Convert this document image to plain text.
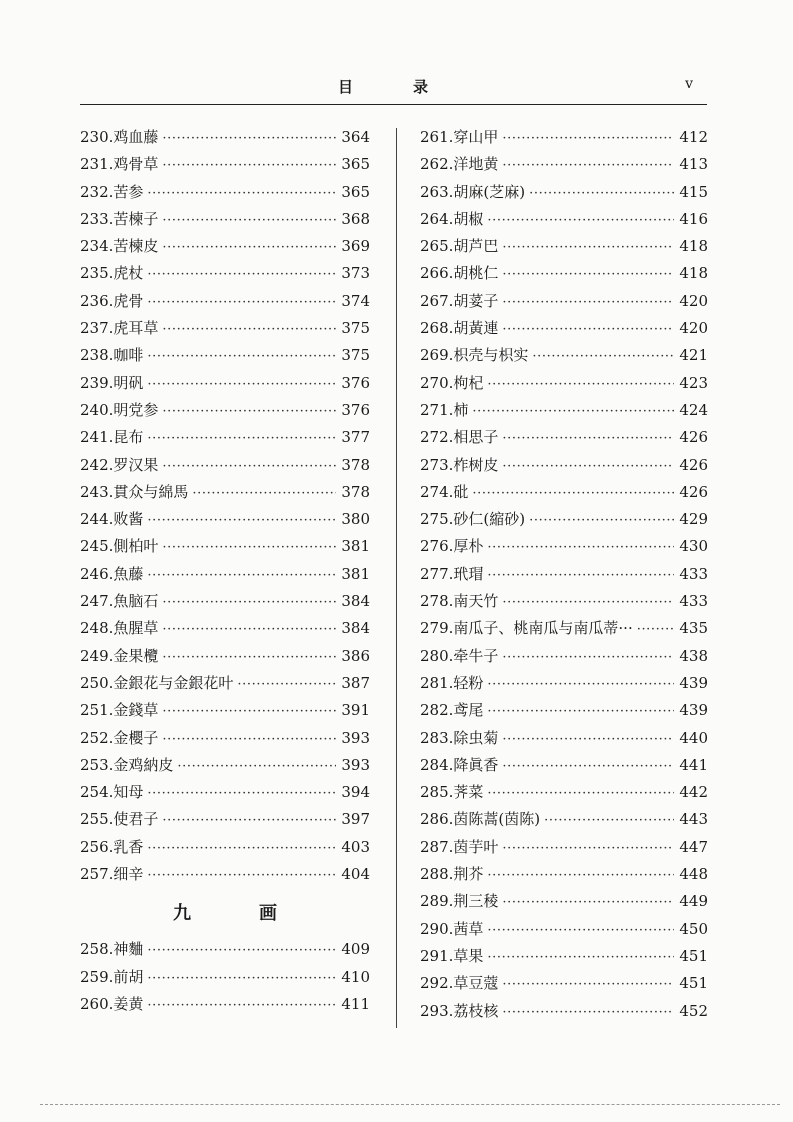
目录	v
230. 鸡血藤 ·····	364
231. 鸡骨草 ·····	365
232. 苦参 ·····	365
233. 苦楝子 ·····	368
234. 苦楝皮 ·····	369
235. 虎杖 ·····	373
236. 虎骨 ·····	374
237. 虎耳草 ·····	375
238. 咖啡 ·····	375
239. 明矾 ·····	376
240. 明党参 ·····	376
241. 昆布 ·····	377
242. 罗汉果 ·····	378
243. 貫众与綿馬 ·····	378
244. 败酱 ·····	380
245. 側柏叶 ·····	381
246. 魚藤 ·····	381
247. 魚脑石 ·····	384
248. 魚腥草 ·····	384
249. 金果欖 ·····	386
250. 金銀花与金銀花叶 ·····	387
251. 金錢草 ·····	391
252. 金櫻子 ·····	393
253. 金鸡納皮 ·····	393
254. 知母 ·····	394
255. 使君子 ·····	397
256. 乳香 ·····	403
257. 细辛 ·····	404
九画
258. 神麯 ·····	409
259. 前胡 ·····	410
260. 姜黄 ·····	411
261. 穿山甲 ·····	412
262. 洋地黄 ·····	413
263. 胡麻(芝麻) ·····	415
264. 胡椒 ·····	416
265. 胡芦巴 ·····	418
266. 胡桃仁 ·····	418
267. 胡荽子 ·····	420
268. 胡黃連 ·····	420
269. 枳壳与枳实 ·····	421
270. 枸杞 ·····	423
271. 柿 ·····	424
272. 相思子 ·····	426
273. 柞树皮 ·····	426
274. 砒 ·····	426
275. 砂仁(縮砂) ·····	429
276. 厚朴 ·····	430
277. 玳瑁 ·····	433
278. 南天竹 ·····	433
279. 南瓜子、桃南瓜与南瓜蒂··· ·····	435
280. 牵牛子 ·····	438
281. 轻粉 ·····	439
282. 鸢尾 ·····	439
283. 除虫菊 ·····	440
284. 降眞香 ·····	441
285. 荠菜 ·····	442
286. 茵陈蒿(茵陈) ·····	443
287. 茵芋叶 ·····	447
288. 荆芥 ·····	448
289. 荆三稜 ·····	449
290. 茜草 ·····	450
291. 草果 ·····	451
292. 草豆蔻 ·····	451
293. 荔枝核 ·····	452
